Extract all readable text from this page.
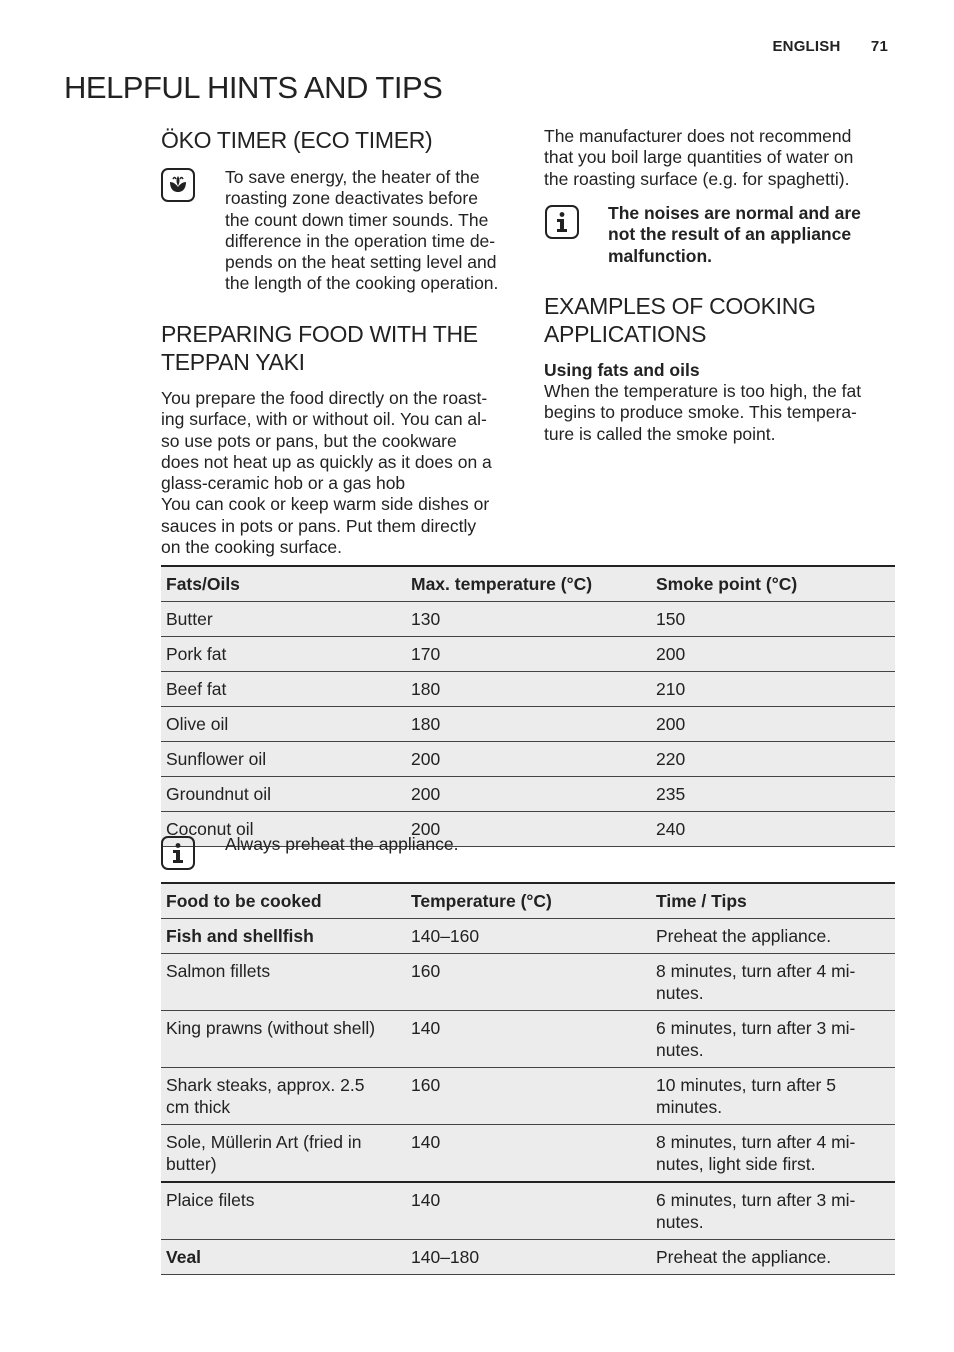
ENGLISH 71
HELPFUL HINTS AND TIPS
ÖKO TIMER (ECO TIMER)
To save energy, the heater of the
roasting zone deactivates before
the count down timer sounds. The
difference in the operation time de-
pends on the heat setting level and
the length of the cooking operation.
PREPARING FOOD WITH THE
TEPPAN YAKI
You prepare the food directly on the roast-
ing surface, with or without oil. You can al-
so use pots or pans, but the cookware
does not heat up as quickly as it does on a
glass-ceramic hob or a gas hob
You can cook or keep warm side dishes or
sauces in pots or pans. Put them directly
on the cooking surface.
The manufacturer does not recommend
that you boil large quantities of water on
the roasting surface (e.g. for spaghetti).
The noises are normal and are
not the result of an appliance
malfunction.
EXAMPLES OF COOKING
APPLICATIONS
Using fats and oils
When the temperature is too high, the fat
begins to produce smoke. This tempera-
ture is called the smoke point.
Fats/Oils	Max. temperature (°C)	Smoke point (°C)
Butter	130	150
Pork fat	170	200
Beef fat	180	210
Olive oil	180	200
Sunflower oil	200	220
Groundnut oil	200	235
Coconut oil	200	240
Always preheat the appliance.
Food to be cooked	Temperature (°C)	Time / Tips
Fish and shellfish	140–160	Preheat the appliance.
Salmon fillets	160	8 minutes, turn after 4 mi-
nutes.
King prawns (without shell)	140	6 minutes, turn after 3 mi-
nutes.
Shark steaks, approx. 2.5
cm thick	160	10 minutes, turn after 5
minutes.
Sole, Müllerin Art (fried in
butter)	140	8 minutes, turn after 4 mi-
nutes, light side first.
Plaice filets	140	6 minutes, turn after 3 mi-
nutes.
Veal	140–180	Preheat the appliance.
